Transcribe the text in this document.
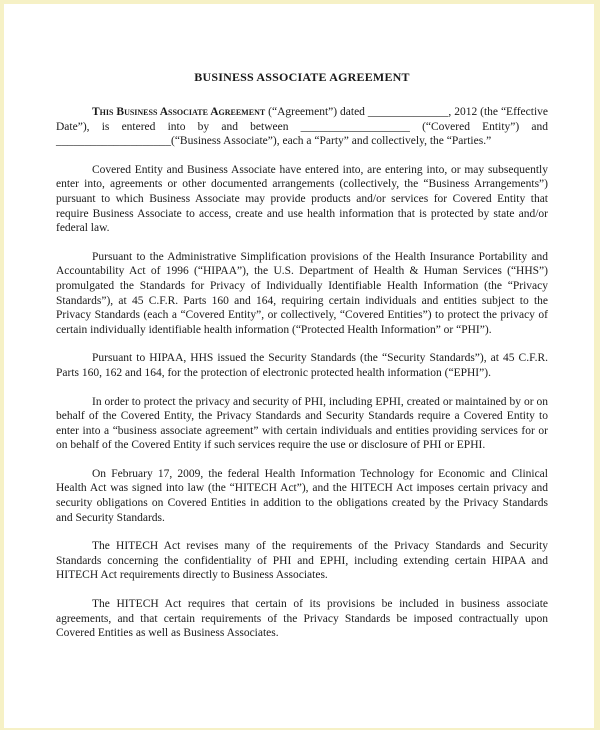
BUSINESS ASSOCIATE AGREEMENT

This Business Associate Agreement (“Agreement”) dated ______________, 2012 (the “Effective Date”), is entered into by and between ___________________ (“Covered Entity”) and ____________________(“Business Associate”), each a “Party” and collectively, the “Parties.”

Covered Entity and Business Associate have entered into, are entering into, or may subsequently enter into, agreements or other documented arrangements (collectively, the “Business Arrangements”) pursuant to which Business Associate may provide products and/or services for Covered Entity that require Business Associate to access, create and use health information that is protected by state and/or federal law.

Pursuant to the Administrative Simplification provisions of the Health Insurance Portability and Accountability Act of 1996 (“HIPAA”), the U.S. Department of Health & Human Services (“HHS”) promulgated the Standards for Privacy of Individually Identifiable Health Information (the “Privacy Standards”), at 45 C.F.R. Parts 160 and 164, requiring certain individuals and entities subject to the Privacy Standards (each a “Covered Entity”, or collectively, “Covered Entities”) to protect the privacy of certain individually identifiable health information (“Protected Health Information” or “PHI”).

Pursuant to HIPAA, HHS issued the Security Standards (the “Security Standards”), at 45 C.F.R. Parts 160, 162 and 164, for the protection of electronic protected health information (“EPHI”).

In order to protect the privacy and security of PHI, including EPHI, created or maintained by or on behalf of the Covered Entity, the Privacy Standards and Security Standards require a Covered Entity to enter into a “business associate agreement” with certain individuals and entities providing services for or on behalf of the Covered Entity if such services require the use or disclosure of PHI or EPHI.

On February 17, 2009, the federal Health Information Technology for Economic and Clinical Health Act was signed into law (the “HITECH Act”), and the HITECH Act imposes certain privacy and security obligations on Covered Entities in addition to the obligations created by the Privacy Standards and Security Standards.

The HITECH Act revises many of the requirements of the Privacy Standards and Security Standards concerning the confidentiality of PHI and EPHI, including extending certain HIPAA and HITECH Act requirements directly to Business Associates.

The HITECH Act requires that certain of its provisions be included in business associate agreements, and that certain requirements of the Privacy Standards be imposed contractually upon Covered Entities as well as Business Associates.
